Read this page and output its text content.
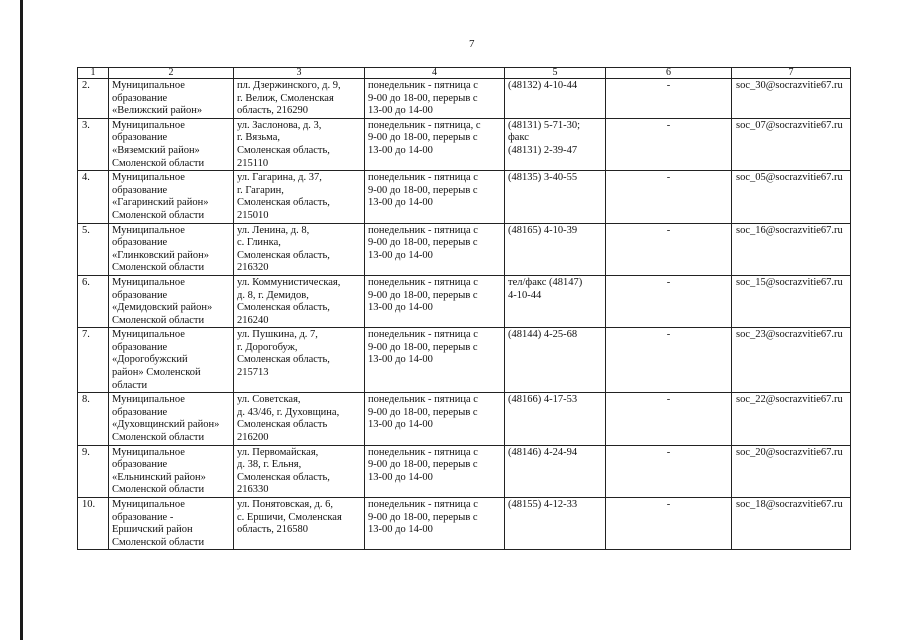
7
1	2	3	4	5	6	7
2.	Муниципальное
образование
«Велижский район»	пл. Дзержинского, д. 9,
г. Велиж, Смоленская
область, 216290	понедельник - пятница с
9-00 до 18-00, перерыв с
13-00 до 14-00	(48132) 4-10-44	-	soc_30@socrazvitie67.ru
3.	Муниципальное
образование
«Вяземский район»
Смоленской области	ул. Заслонова, д. 3,
г. Вязьма,
Смоленская область,
215110	понедельник - пятница, с
9-00 до 18-00, перерыв с
13-00 до 14-00	(48131) 5-71-30;
факс
(48131) 2-39-47	-	soc_07@socrazvitie67.ru
4.	Муниципальное
образование
«Гагаринский район»
Смоленской области	ул. Гагарина, д. 37,
г. Гагарин,
Смоленская область,
215010	понедельник - пятница с
9-00 до 18-00, перерыв с
13-00 до 14-00	(48135) 3-40-55	-	soc_05@socrazvitie67.ru
5.	Муниципальное
образование
«Глинковский район»
Смоленской области	ул. Ленина, д. 8,
с. Глинка,
Смоленская область,
216320	понедельник - пятница с
9-00 до 18-00, перерыв с
13-00 до 14-00	(48165) 4-10-39	-	soc_16@socrazvitie67.ru
6.	Муниципальное
образование
«Демидовский район»
Смоленской области	ул. Коммунистическая,
д. 8, г. Демидов,
Смоленская область,
216240	понедельник - пятница с
9-00 до 18-00, перерыв с
13-00 до 14-00	тел/факс (48147)
4-10-44	-	soc_15@socrazvitie67.ru
7.	Муниципальное
образование
«Дорогобужский
район» Смоленской
области	ул. Пушкина, д. 7,
г. Дорогобуж,
Смоленская область,
215713	понедельник - пятница с
9-00 до 18-00, перерыв с
13-00 до 14-00	(48144) 4-25-68	-	soc_23@socrazvitie67.ru
8.	Муниципальное
образование
«Духовщинский район»
Смоленской области	ул. Советская,
д. 43/46, г. Духовщина,
Смоленская область
216200	понедельник - пятница с
9-00 до 18-00, перерыв с
13-00 до 14-00	(48166) 4-17-53	-	soc_22@socrazvitie67.ru
9.	Муниципальное
образование
«Ельнинский район»
Смоленской области	ул. Первомайская,
д. 38, г. Ельня,
Смоленская область,
216330	понедельник - пятница с
9-00 до 18-00, перерыв с
13-00 до 14-00	(48146) 4-24-94	-	soc_20@socrazvitie67.ru
10.	Муниципальное
образование -
Ершичский район
Смоленской области	ул. Понятовская, д. 6,
с. Ершичи, Смоленская
область, 216580	понедельник - пятница с
9-00 до 18-00, перерыв с
13-00 до 14-00	(48155) 4-12-33	-	soc_18@socrazvitie67.ru
